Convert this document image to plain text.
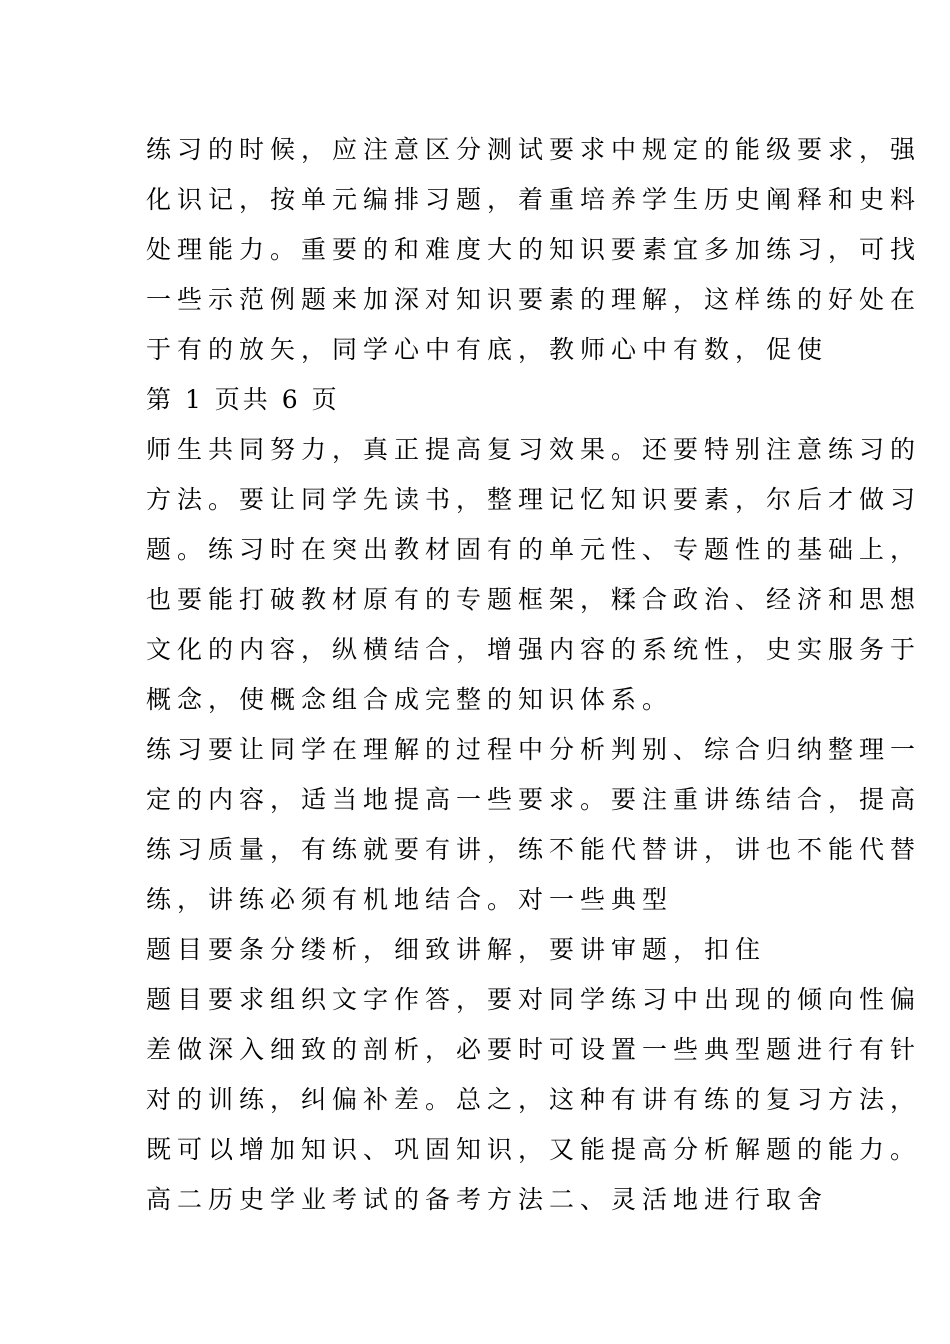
练习的时候，应注意区分测试要求中规定的能级要求，强
化识记，按单元编排习题，着重培养学生历史阐释和史料
处理能力。重要的和难度大的知识要素宜多加练习，可找
一些示范例题来加深对知识要素的理解，这样练的好处在
于有的放矢，同学心中有底，教师心中有数，促使
第 1 页共 6 页
师生共同努力，真正提高复习效果。还要特别注意练习的
方法。要让同学先读书，整理记忆知识要素，尔后才做习
题。练习时在突出教材固有的单元性、专题性的基础上，
也要能打破教材原有的专题框架，糅合政治、经济和思想
文化的内容，纵横结合，增强内容的系统性，史实服务于
概念，使概念组合成完整的知识体系。
练习要让同学在理解的过程中分析判别、综合归纳整理一
定的内容，适当地提高一些要求。要注重讲练结合，提高
练习质量，有练就要有讲，练不能代替讲，讲也不能代替
练，讲练必须有机地结合。对一些典型
题目要条分缕析，细致讲解，要讲审题，扣住
题目要求组织文字作答，要对同学练习中出现的倾向性偏
差做深入细致的剖析，必要时可设置一些典型题进行有针
对的训练，纠偏补差。总之，这种有讲有练的复习方法，
既可以增加知识、巩固知识，又能提高分析解题的能力。
高二历史学业考试的备考方法二、灵活地进行取舍
